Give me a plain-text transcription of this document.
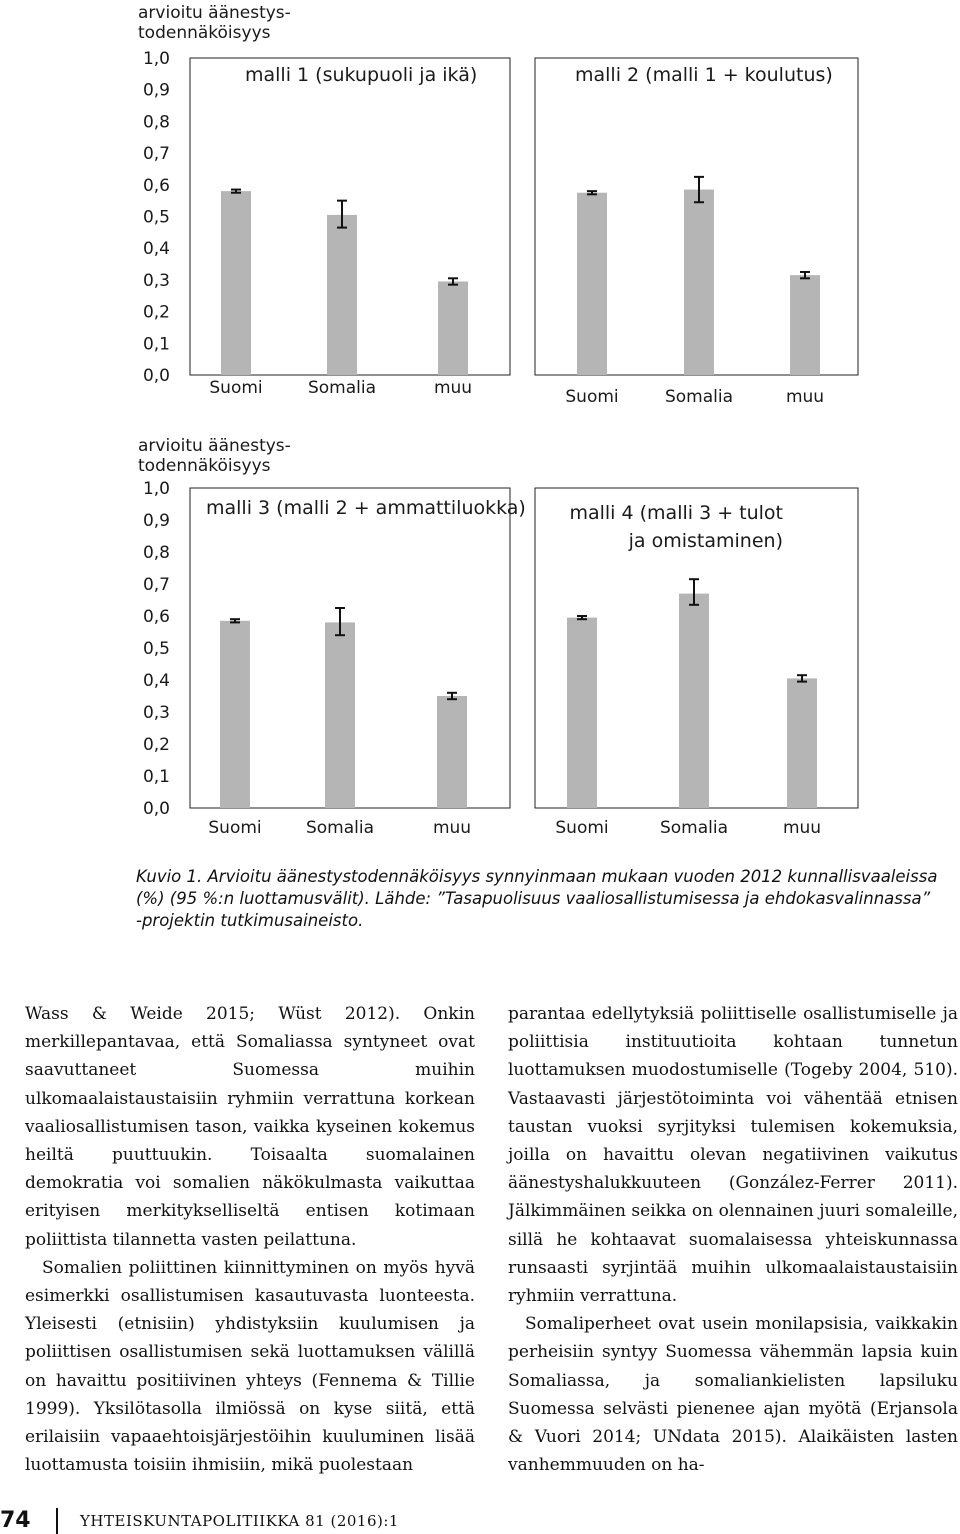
arvioitu äänestys-
todennäköisyys
1,0
0,9
0,8
0,7
0,6
0,5
0,4
0,3
0,2
0,1
0,0
malli 1 (sukupuoli ja ikä)
Suomi	Somalia	muu
malli 2 (malli 1 + koulutus)
Suomi	Somalia	muu
arvioitu äänestys-
todennäköisyys
1,0
0,9
0,8
0,7
0,6
0,5
0,4
0,3
0,2
0,1
0,0
malli 3 (malli 2 + ammattiluokka)
Suomi	Somalia	muu
malli 4 (malli 3 + tulot
ja omistaminen)
Suomi	Somalia	muu
Kuvio 1. Arvioitu äänestystodennäköisyys synnyinmaan mukaan vuoden 2012 kunnallisvaaleissa (%) (95 %:n luottamusvälit). Lähde: ”Tasapuolisuus vaaliosallistumisessa ja ehdokasvalinnassa” -projektin tutkimusaineisto.

Wass & Weide 2015; Wüst 2012). Onkin merkillepantavaa, että Somaliassa syntyneet ovat saavuttaneet Suomessa muihin ulkomaalaistaustaisiin ryhmiin verrattuna korkean vaaliosallistumisen tason, vaikka kyseinen kokemus heiltä puuttuukin. Toisaalta suomalainen demokratia voi somalien näkökulmasta vaikuttaa erityisen merkitykselliseltä entisen kotimaan poliittista tilannetta vasten peilattuna.

Somalien poliittinen kiinnittyminen on myös hyvä esimerkki osallistumisen kasautuvasta luonteesta. Yleisesti (etnisiin) yhdistyksiin kuulumisen ja poliittisen osallistumisen sekä luottamuksen välillä on havaittu positiivinen yhteys (Fennema & Tillie 1999). Yksilötasolla ilmiössä on kyse siitä, että erilaisiin vapaaehtoisjärjestöihin kuuluminen lisää luottamusta toisiin ihmisiin, mikä puolestaan

parantaa edellytyksiä poliittiselle osallistumiselle ja poliittisia instituutioita kohtaan tunnetun luottamuksen muodostumiselle (Togeby 2004, 510). Vastaavasti järjestötoiminta voi vähentää etnisen taustan vuoksi syrjityksi tulemisen kokemuksia, joilla on havaittu olevan negatiivinen vaikutus äänestyshalukkuuteen (González-Ferrer 2011). Jälkimmäinen seikka on olennainen juuri somaleille, sillä he kohtaavat suomalaisessa yhteiskunnassa runsaasti syrjintää muihin ulkomaalaistaustaisiin ryhmiin verrattuna.

Somaliperheet ovat usein monilapsisia, vaikkakin perheisiin syntyy Suomessa vähemmän lapsia kuin Somaliassa, ja somaliankielisten lapsiluku Suomessa selvästi pienenee ajan myötä (Erjansola & Vuori 2014; UNdata 2015). Alaikäisten lasten vanhemmuuden on ha-

74	YHTEISKUNTAPOLITIIKKA 81 (2016):1
